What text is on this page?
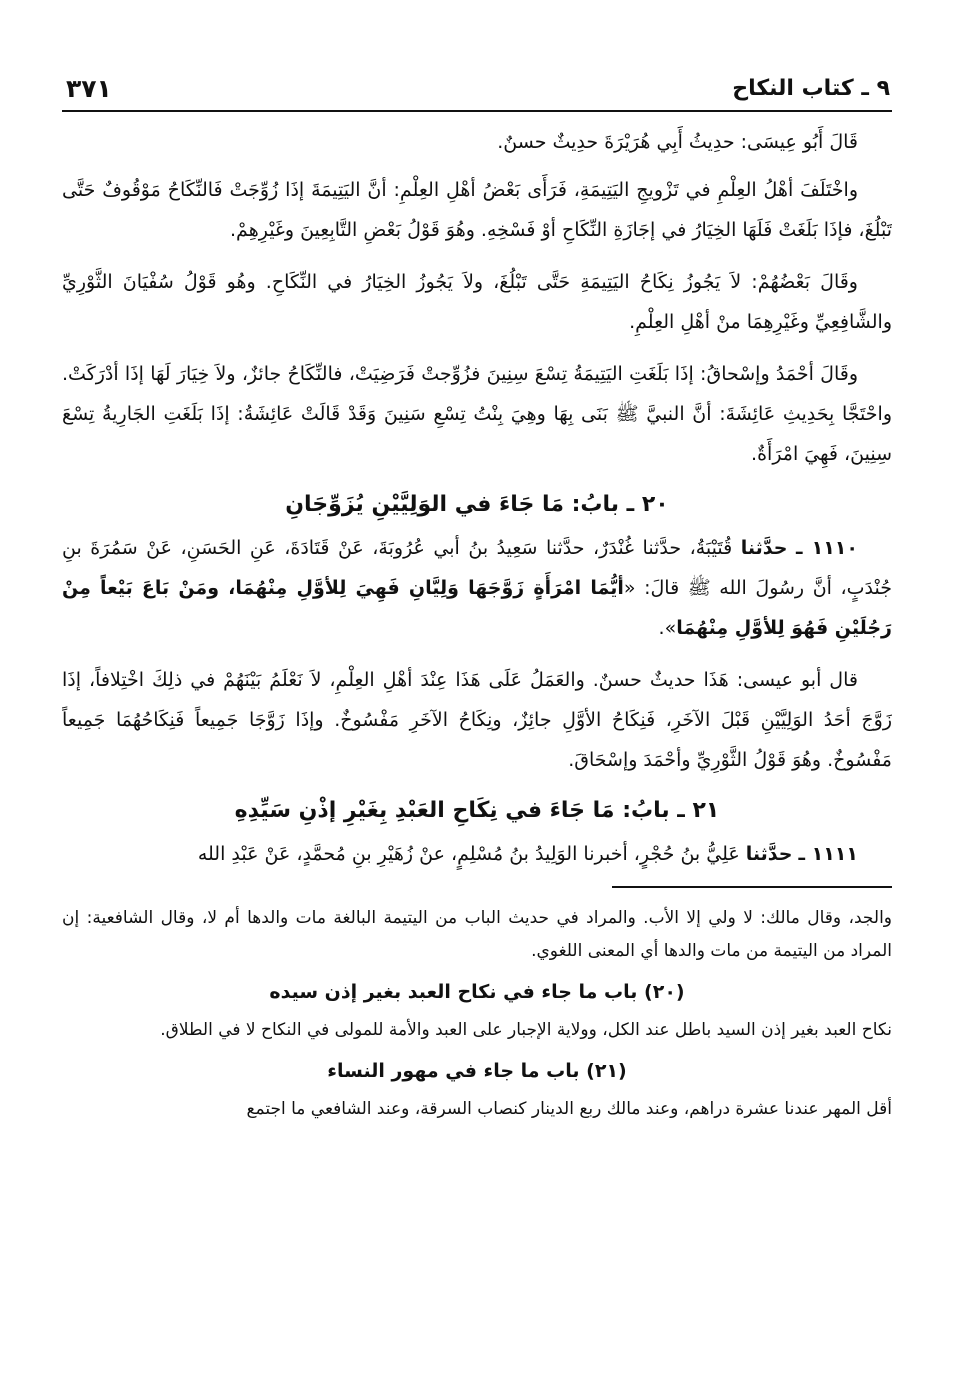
٩ ـ كتاب النكاح
٣٧١

قَالَ أَبُو عِيسَى: حدِيثُ أَبِي هُرَيْرَةَ حدِيثٌ حسنٌ.

واخْتَلَفَ أهْلُ العِلْمِ في تَزْويجِ اليَتِيمَةِ، فَرَأَى بَعْضُ أهْلِ العِلْمِ: أنَّ اليَتِيمَةَ إذَا زُوِّجَتْ فَالنِّكَاحُ مَوْقُوفٌ حَتَّى تَبْلُغَ، فإذَا بَلَغَتْ فَلَهَا الخِيَارُ في إجَازَةِ النِّكَاحِ أوْ فَسْخِهِ. وهُوَ قَوْلُ بَعْضِ التَّابِعِينَ وغَيْرِهِمْ.

وقَالَ بَعْضُهُمْ: لاَ يَجُوزُ نِكَاحُ اليَتِيمَةِ حَتَّى تَبْلُغَ، ولاَ يَجُوزُ الخِيَارُ في النِّكَاحِ. وهُو قَوْلُ سُفْيَانَ الثَّوْرِيِّ والشَّافِعِيِّ وغَيْرِهِمَا منْ أهْلِ العِلْمِ.

وقَالَ أحْمَدُ وإسْحاقُ: إذَا بَلَغَتِ اليَتِيمَةُ تِسْعَ سِنِينَ فزُوِّجتْ فَرَضِيَتْ، فالنِّكَاحُ جائزٌ، ولاَ خِيَارَ لَهَا إذَا أدْرَكَتْ. واحْتَجَّا بِحَدِيثِ عَائِشَةَ: أنَّ النبيَّ ﷺ بَنَى بِهَا وهِيَ بِنْتُ تِسْعِ سَنِينَ وَقَدْ قَالَتْ عَائِشَةُ: إذَا بَلَغَتِ الجَارِيةُ تِسْعَ سِنِينَ، فَهِيَ امْرَأَةٌ.

٢٠ ـ بابُ: مَا جَاءَ في الوَلِيَّيْنِ يُزَوِّجَانِ

١١١٠ ـ حدَّثنا قُتَيْبَةُ، حدَّثنا غُنْدَرٌ، حدَّثنا سَعِيدُ بنُ أبي عُرُوبَةَ، عَنْ قَتَادَةَ، عَنِ الحَسَنِ، عَنْ سَمُرَةَ بنِ جُنْدَبٍ، أنَّ رسُولَ الله ﷺ قالَ: «أيُّمَا امْرَأَةٍ زَوَّجَهَا وَلِيَّانِ فَهِيَ لِلأوَّلِ مِنْهُمَا، ومَنْ بَاعَ بَيْعاً مِنْ رَجُلَيْنِ فَهُوَ لِلأوَّلِ مِنْهُمَا».

قال أبو عيسى: هَذَا حديثٌ حسنٌ. والعَمَلُ عَلَى هَذَا عِنْدَ أهْلِ العِلْمِ، لاَ نَعْلَمُ بَيْنَهُمْ في ذلِكَ اخْتِلافاً، إذَا زَوَّجَ أحَدُ الوَلِيَّيْنِ قَبْلَ الآخَرِ، فَنِكَاحُ الأوَّلِ جائِزٌ، ونِكَاحُ الآخَرِ مَفْسُوخٌ. وإذَا زَوَّجَا جَمِيعاً فَنِكَاحُهُمَا جَمِيعاً مَفْسُوخٌ. وهُوَ قَوْلُ الثَّوْرِيِّ وأحْمَدَ وإسْحَاقَ.

٢١ ـ بابُ: مَا جَاءَ في نِكَاحِ العَبْدِ بِغَيْرِ إذْنِ سَيِّدِهِ

١١١١ ـ حدَّثنا عَلِيُّ بنُ حُجْرٍ، أخبرنا الوَلِيدُ بنُ مُسْلِمٍ، عنْ زُهَيْرِ بنِ مُحمَّدٍ، عَنْ عَبْدِ الله

والجد، وقال مالك: لا ولي إلا الأب. والمراد في حديث الباب من اليتيمة البالغة مات والدها أم لا، وقال الشافعية: إن المراد من اليتيمة من مات والدها أي المعنى اللغوي.

(٢٠) باب ما جاء في نكاح العبد بغير إذن سيده

نكاح العبد بغير إذن السيد باطل عند الكل، وولاية الإجبار على العبد والأمة للمولى في النكاح لا في الطلاق.

(٢١) باب ما جاء في مهور النساء

أقل المهر عندنا عشرة دراهم، وعند مالك ربع الدينار كنصاب السرقة، وعند الشافعي ما اجتمع
